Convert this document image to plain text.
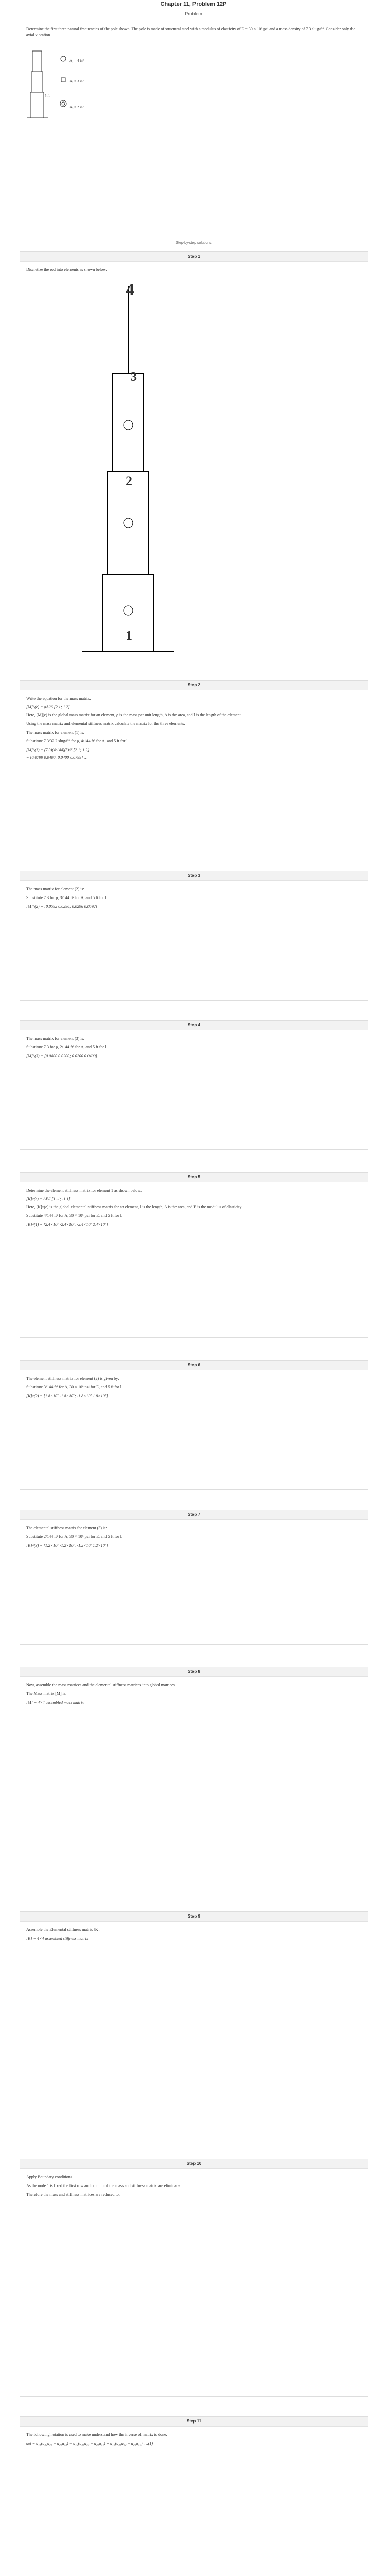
Chapter 11, Problem 12P
Problem
Determine the first three natural frequencies of the pole shown. The pole is made of structural steel with a modulus of elasticity of E = 30 × 10⁶ psi and a mass density of 7.3 slug/ft³. Consider only the axial vibration.
A₁ = 4 in²
A₂ = 3 in²
A₃ = 2 in²
5 ft
Step-by-step solutions
Step 1
Discretize the rod into elements as shown below.
4
3
2
1
Step 2
Write the equation for the mass matrix:
[M]^(e) = ρAl/6 [2 1; 1 2]
Here, [M](e) is the global mass matrix for an element, ρ is the mass per unit length, A is the area, and l is the length of the element.
Using the mass matrix and elemental stiffness matrix calculate the matrix for the three elements.
The mass matrix for element (1) is:
Substitute 7.3/32.2 slug/ft³ for ρ, 4/144 ft² for A, and 5 ft for l.
[M]^(1) = (7.3)(4/144)(5)/6 [2 1; 1 2]
= [0.0799 0.0400; 0.0400 0.0799] …
Step 3
The mass matrix for element (2) is:
Substitute 7.3 for ρ, 3/144 ft² for A, and 5 ft for l.
[M]^(2) = [0.0592 0.0296; 0.0296 0.0592]
Step 4
The mass matrix for element (3) is:
Substitute 7.3 for ρ, 2/144 ft² for A, and 5 ft for l.
[M]^(3) = [0.0400 0.0200; 0.0200 0.0400]
Step 5
Determine the element stiffness matrix for element 1 as shown below:
[K]^(e) = AE/l [1 -1; -1 1]
Here, [K]^(e) is the global elemental stiffness matrix for an element, l is the length, A is the area, and E is the modulus of elasticity.
Substitute 4/144 ft² for A, 30 × 10⁶ psi for E, and 5 ft for l.
[K]^(1) = [2.4×10⁷ -2.4×10⁷; -2.4×10⁷ 2.4×10⁷]
Step 6
The element stiffness matrix for element (2) is given by:
Substitute 3/144 ft² for A, 30 × 10⁶ psi for E, and 5 ft for l.
[K]^(2) = [1.8×10⁷ -1.8×10⁷; -1.8×10⁷ 1.8×10⁷]
Step 7
The elemental stiffness matrix for element (3) is:
Substitute 2/144 ft² for A, 30 × 10⁶ psi for E, and 5 ft for l.
[K]^(3) = [1.2×10⁷ -1.2×10⁷; -1.2×10⁷ 1.2×10⁷]
Step 8
Now, assemble the mass matrices and the elemental stiffness matrices into global matrices.
The Mass matrix [M] is:
[M] = 4×4 assembled mass matrix
Step 9
Assemble the Elemental stiffness matrix [K]:
[K] = 4×4 assembled stiffness matrix
Step 10
Apply Boundary conditions.
As the node 1 is fixed the first row and column of the mass and stiffness matrix are eliminated.
Therefore the mass and stiffness matrices are reduced to:
Step 11
The following notation is used to make understand how the inverse of matrix is done.
det = a₁₁(a₂₂a₃₃ − a₂₃a₃₂) − a₁₂(a₂₁a₃₃ − a₂₃a₃₁) + a₁₃(a₂₁a₃₂ − a₂₂a₃₁)  …(1)
